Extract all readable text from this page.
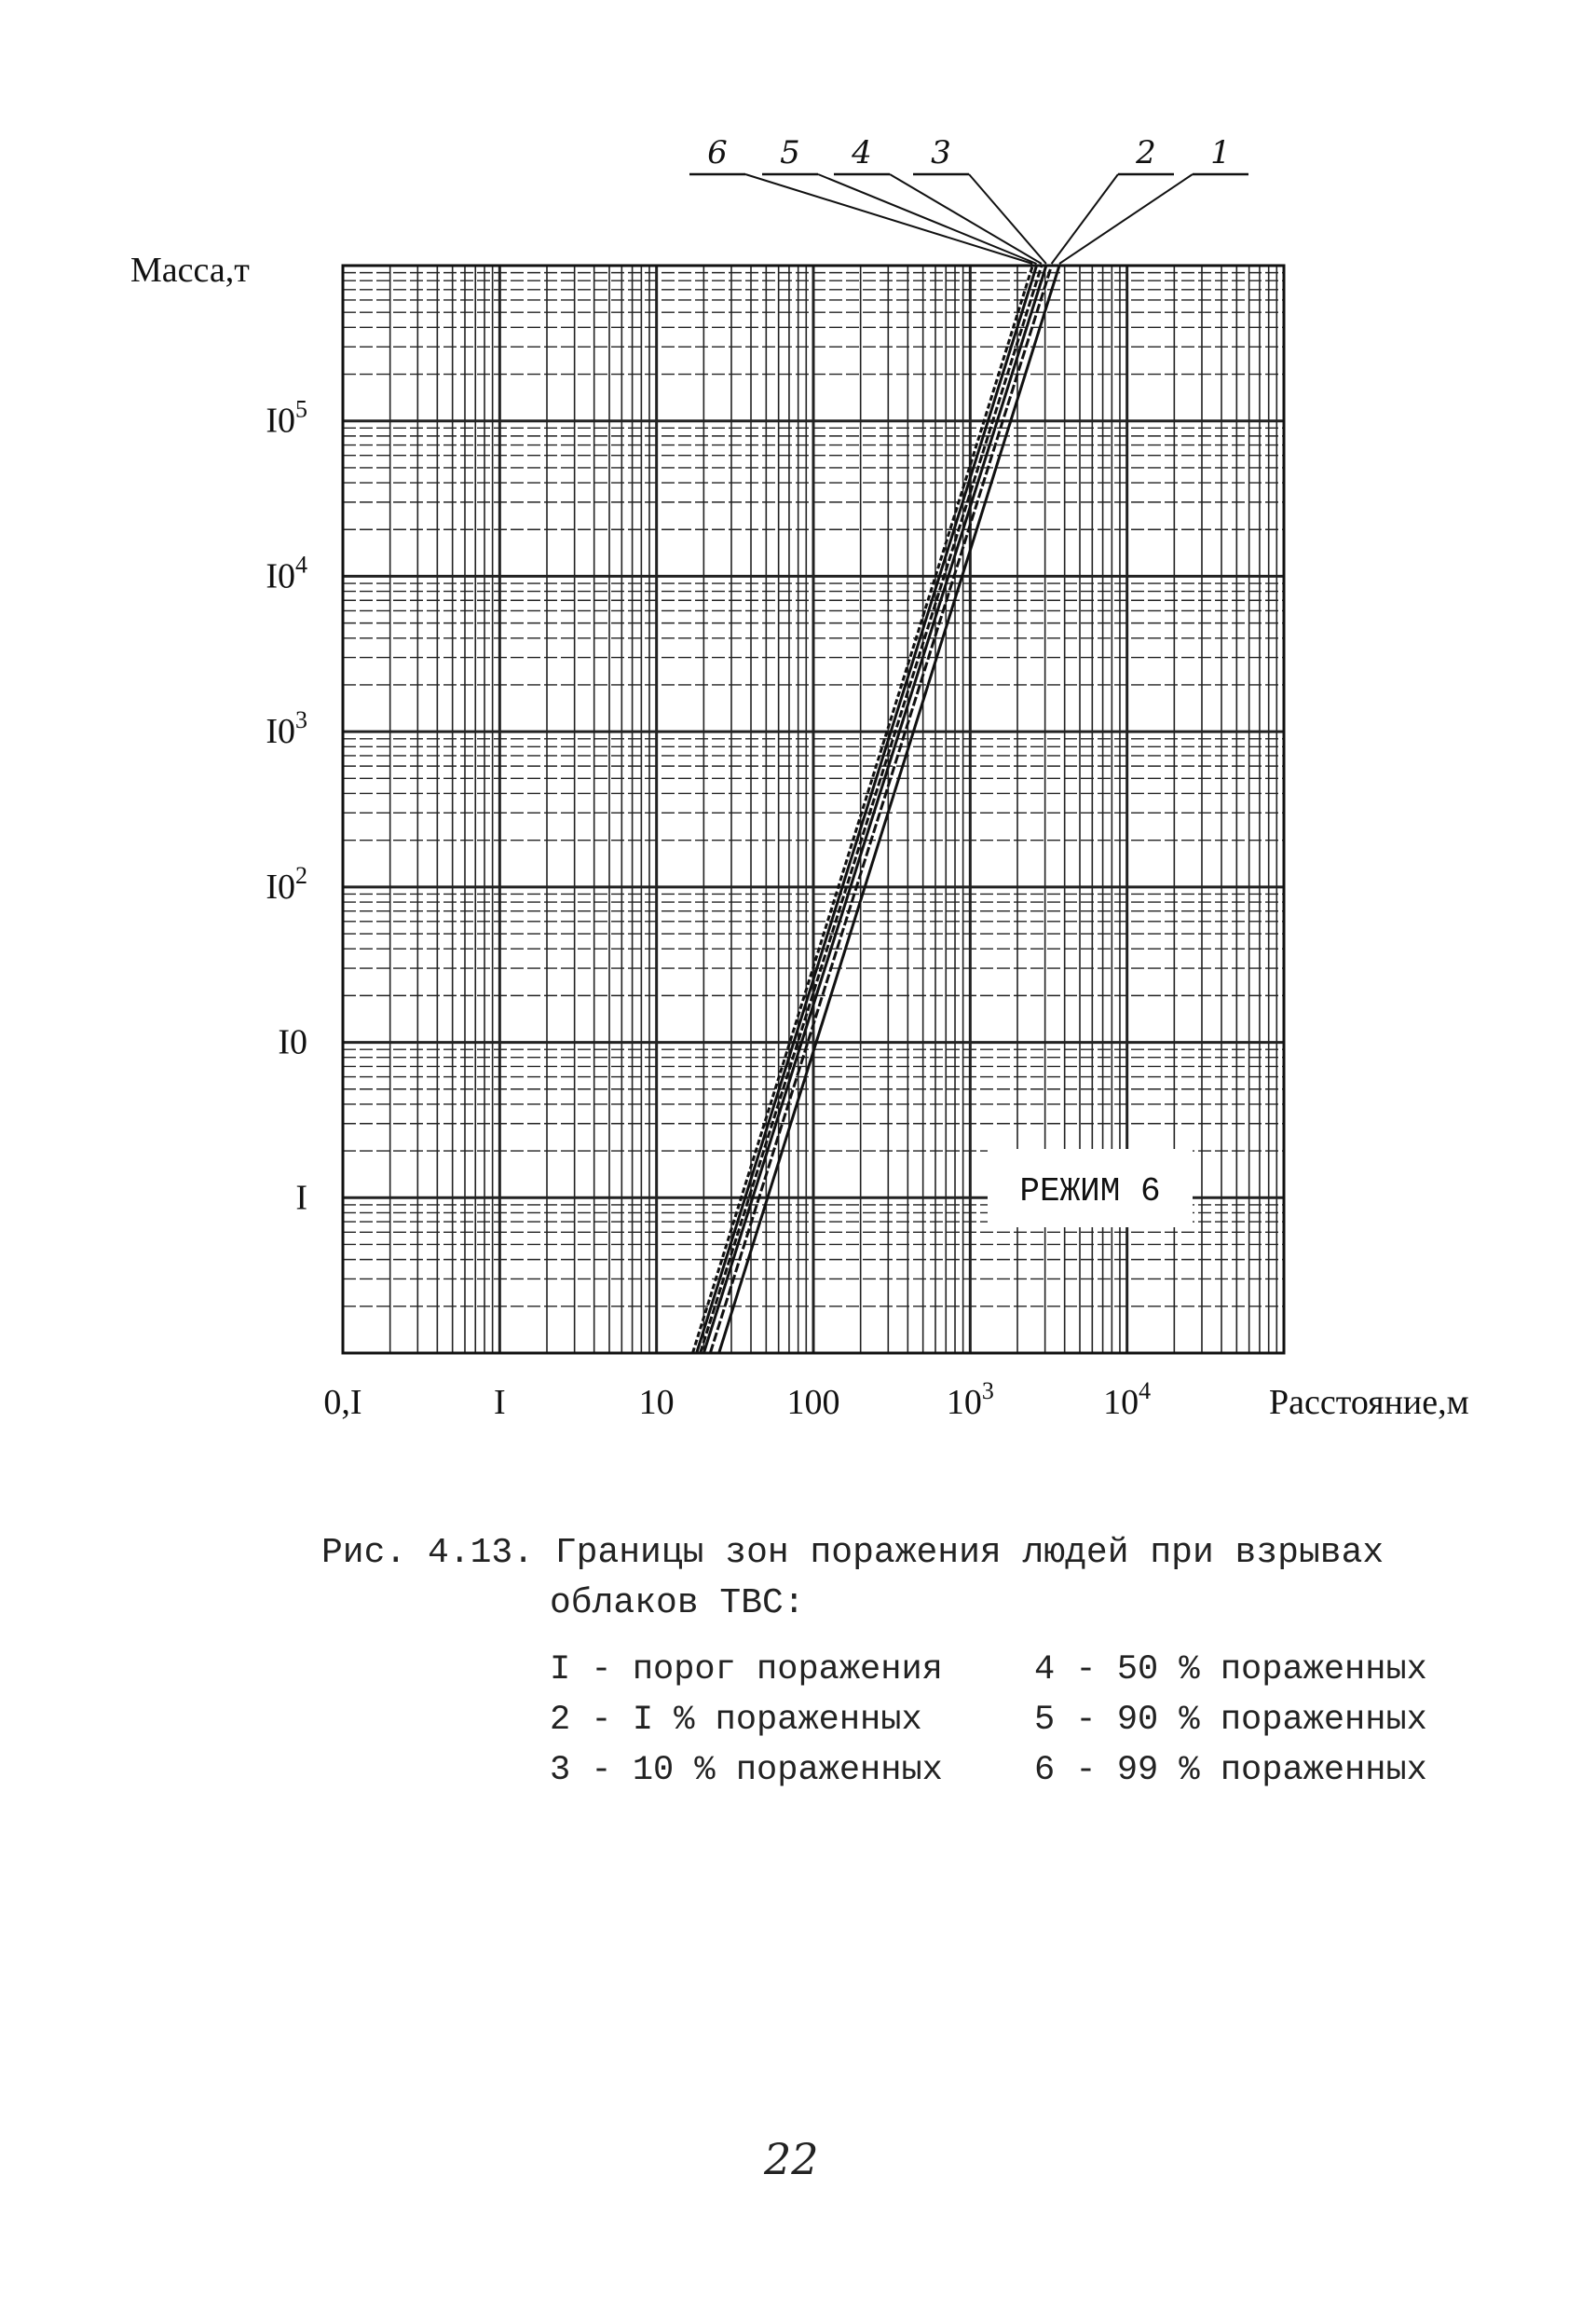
1
2
3
4
5
6
0,I	I	10	100	$10^3$	$10^4$
I
I0
$I0^2$
$I0^3$
$I0^4$
$I0^5$
РЕЖИМ 6
Масса,т
Расстояние,м
Рис. 4.13. Границы зон поражения людей при взрывах
облаков ТВС:
I - порог поражения	4 - 50 % пораженных
2 - I % пораженных	5 - 90 % пораженных
3 - 10 % пораженных	6 - 99 % пораженных
22
